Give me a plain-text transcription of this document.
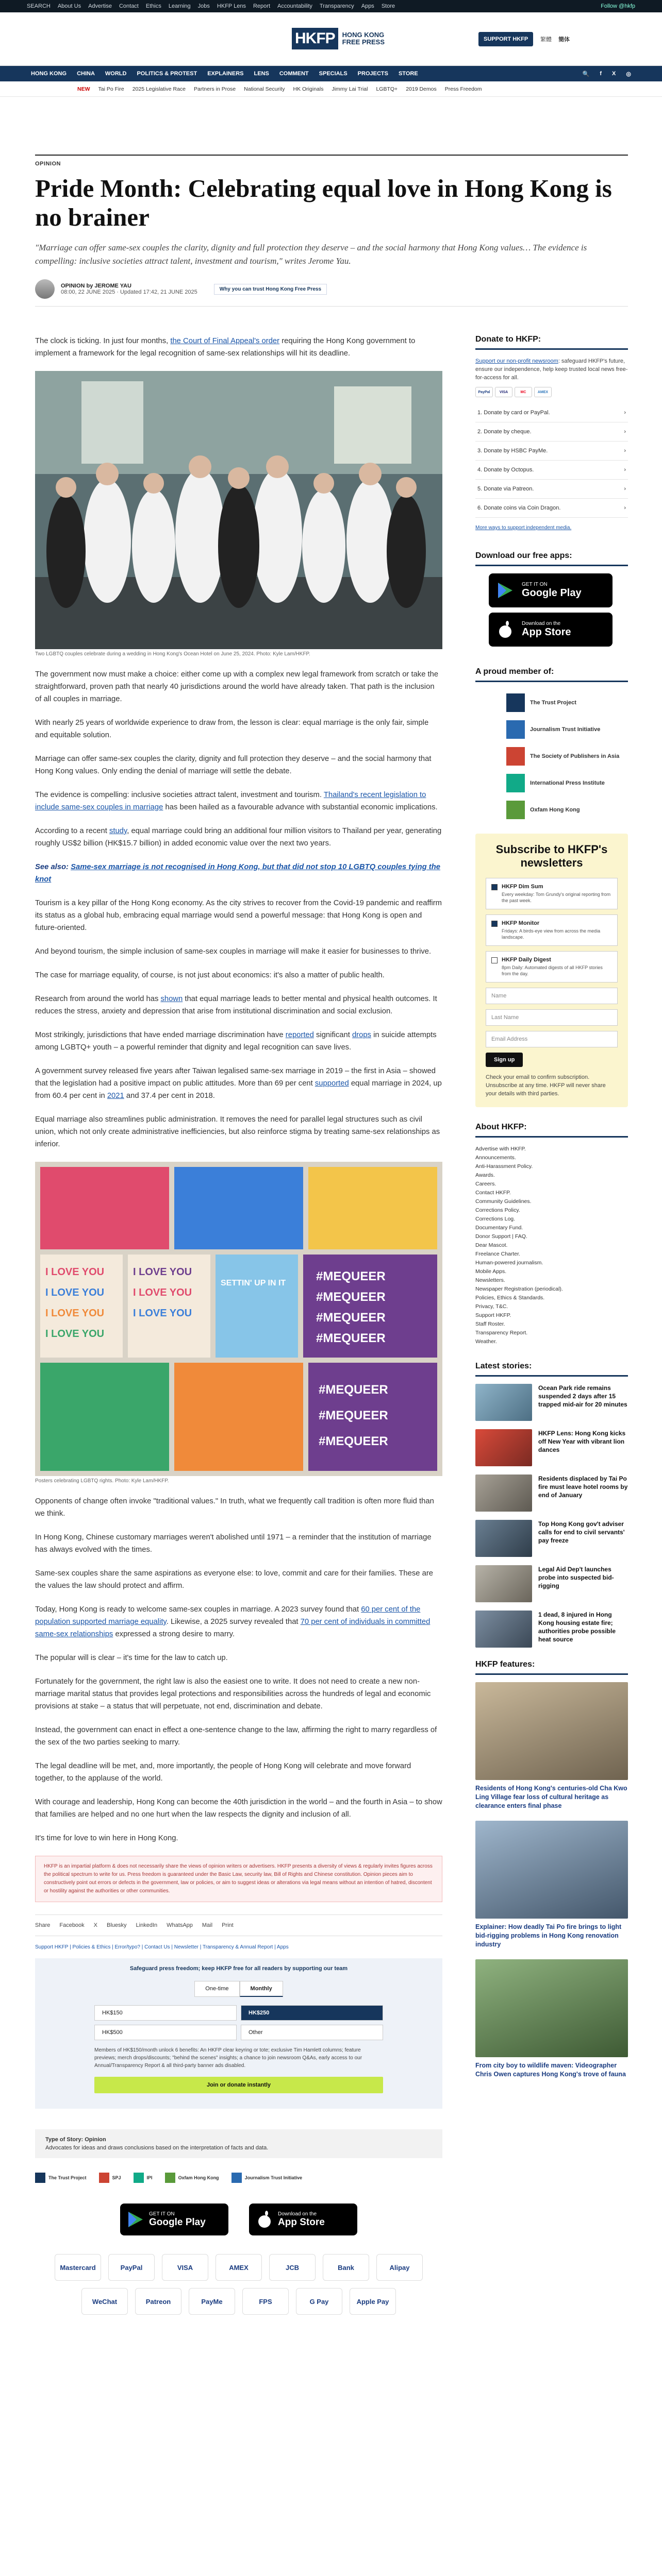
SEARCH About Us Advertise Contact Ethics Learning Jobs HKFP Lens Report Accountability Transparency Apps Store	Follow @hkfp
HKFP	HONG KONG
FREE PRESS	SUPPORT HKFP	繁體 簡体
HONG KONG CHINA WORLD POLITICS & PROTEST EXPLAINERS LENS COMMENT SPECIALS PROJECTS STORE	🔍 f X ◎
NEW Tai Po Fire 2025 Legislative Race Partners in Prose National Security HK Originals Jimmy Lai Trial LGBTQ+ 2019 Demos Press Freedom
OPINION
Pride Month: Celebrating equal love in Hong Kong is no brainer
"Marriage can offer same-sex couples the clarity, dignity and full protection they deserve – and the social harmony that Hong Kong values… The evidence is compelling: inclusive societies attract talent, investment and tourism," writes Jerome Yau.
OPINION by JEROME YAU
08:00, 22 JUNE 2025 · Updated 17:42, 21 JUNE 2025	Why you can trust Hong Kong Free Press

The clock is ticking. In just four months, the Court of Final Appeal's order requiring the Hong Kong government to implement a framework for the legal recognition of same-sex relationships will hit its deadline.

Two LGBTQ couples celebrate during a wedding in Hong Kong's Ocean Hotel on June 25, 2024. Photo: Kyle Lam/HKFP.

The government now must make a choice: either come up with a complex new legal framework from scratch or take the straightforward, proven path that nearly 40 jurisdictions around the world have already taken. That path is the inclusion of all couples in marriage.

With nearly 25 years of worldwide experience to draw from, the lesson is clear: equal marriage is the only fair, simple and equitable solution.

Marriage can offer same-sex couples the clarity, dignity and full protection they deserve – and the social harmony that Hong Kong values. Only ending the denial of marriage will settle the debate.

The evidence is compelling: inclusive societies attract talent, investment and tourism. Thailand's recent legislation to include same-sex couples in marriage has been hailed as a favourable advance with substantial economic implications.

According to a recent study, equal marriage could bring an additional four million visitors to Thailand per year, generating roughly US$2 billion (HK$15.7 billion) in added economic value over the next two years.

See also: Same-sex marriage is not recognised in Hong Kong, but that did not stop 10 LGBTQ couples tying the knot

Tourism is a key pillar of the Hong Kong economy. As the city strives to recover from the Covid-19 pandemic and reaffirm its status as a global hub, embracing equal marriage would send a powerful message: that Hong Kong is open and future-oriented.

And beyond tourism, the simple inclusion of same-sex couples in marriage will make it easier for businesses to thrive.

The case for marriage equality, of course, is not just about economics: it's also a matter of public health.

Research from around the world has shown that equal marriage leads to better mental and physical health outcomes. It reduces the stress, anxiety and depression that arise from institutional discrimination and social exclusion.

Most strikingly, jurisdictions that have ended marriage discrimination have reported significant drops in suicide attempts among LGBTQ+ youth – a powerful reminder that dignity and legal recognition can save lives.

A government survey released five years after Taiwan legalised same-sex marriage in 2019 – the first in Asia – showed that the legislation had a positive impact on public attitudes. More than 69 per cent supported equal marriage in 2024, up from 60.4 per cent in 2021 and 37.4 per cent in 2018.

Equal marriage also streamlines public administration. It removes the need for parallel legal structures such as civil union, which not only create administrative inefficiencies, but also reinforce stigma by treating same-sex relationships as inferior.

I LOVE YOU
I LOVE YOU
I LOVE YOU
I LOVE YOU
I LOVE YOU
I LOVE YOU
I LOVE YOU
SETTIN' UP IN IT #MEQUEER
#MEQUEER
#MEQUEER
#MEQUEER
#MEQUEER
#MEQUEER
#MEQUEER
Posters celebrating LGBTQ rights. Photo: Kyle Lam/HKFP.

Opponents of change often invoke "traditional values." In truth, what we frequently call tradition is often more fluid than we think.

In Hong Kong, Chinese customary marriages weren't abolished until 1971 – a reminder that the institution of marriage has always evolved with the times.

Same-sex couples share the same aspirations as everyone else: to love, commit and care for their families. These are the values the law should protect and affirm.

Today, Hong Kong is ready to welcome same-sex couples in marriage. A 2023 survey found that 60 per cent of the population supported marriage equality. Likewise, a 2025 survey revealed that 70 per cent of individuals in committed same-sex relationships expressed a strong desire to marry.

The popular will is clear – it's time for the law to catch up.

Fortunately for the government, the right law is also the easiest one to write. It does not need to create a new non-marriage marital status that provides legal protections and responsibilities across the hundreds of legal and economic provisions at stake – a status that will perpetuate, not end, discrimination and debate.

Instead, the government can enact in effect a one-sentence change to the law, affirming the right to marry regardless of the sex of the two parties seeking to marry.

The legal deadline will be met, and, more importantly, the people of Hong Kong will celebrate and move forward together, to the applause of the world.

With courage and leadership, Hong Kong can become the 40th jurisdiction in the world – and the fourth in Asia – to show that families are helped and no one hurt when the law respects the dignity and inclusion of all.

It's time for love to win here in Hong Kong.

HKFP is an impartial platform & does not necessarily share the views of opinion writers or advertisers. HKFP presents a diversity of views & regularly invites figures across the political spectrum to write for us. Press freedom is guaranteed under the Basic Law, security law, Bill of Rights and Chinese constitution. Opinion pieces aim to constructively point out errors or defects in the government, law or policies, or aim to suggest ideas or alterations via legal means without an intention of hatred, discontent or hostility against the authorities or other communities.
Share Facebook X Bluesky LinkedIn WhatsApp Mail Print
Support HKFP | Policies & Ethics | Error/typo? | Contact Us | Newsletter | Transparency & Annual Report | Apps
Safeguard press freedom; keep HKFP free for all readers by supporting our team
One-time	Monthly
HK$150	HK$250
HK$500	Other
Members of HK$150/month unlock 6 benefits: An HKFP clear keyring or tote; exclusive Tim Hamlett columns; feature previews; merch drops/discounts; "behind the scenes" insights; a chance to join newsroom Q&As, early access to our Annual/Transparency Report & all third-party banner ads disabled.
Join or donate instantly
Type of Story: Opinion
Advocates for ideas and draws conclusions based on the interpretation of facts and data.
The Trust Project	SPJ	IPI	Oxfam Hong Kong	Journalism Trust Initiative
GET IT ON
Google Play
Download on the
App Store
Mastercard	PayPal	VISA	AMEX	JCB	Bank	Alipay
WeChat	Patreon	PayMe	FPS	G Pay	Apple Pay
Donate to HKFP:
Support our non-profit newsroom: safeguard HKFP's future, ensure our independence, help keep trusted local news free-for-access for all.
PayPal	VISA	MC	AMEX
1. Donate by card or PayPal.	›
2. Donate by cheque.	›
3. Donate by HSBC PayMe.	›
4. Donate by Octopus.	›
5. Donate via Patreon.	›
6. Donate coins via Coin Dragon.	›
More ways to support independent media.
Download our free apps:
GET IT ON
Google Play
Download on the
App Store
A proud member of:
The Trust Project
Journalism Trust Initiative
The Society of Publishers in Asia
International Press Institute
Oxfam Hong Kong
Subscribe to HKFP's newsletters
HKFP Dim Sum
Every weekday: Tom Grundy's original reporting from the past week.
HKFP Monitor
Fridays: A birds-eye view from across the media landscape.
HKFP Daily Digest
8pm Daily: Automated digests of all HKFP stories from the day.
Name
Last Name
Email Address
Sign up
Check your email to confirm subscription. Unsubscribe at any time. HKFP will never share your details with third parties.
About HKFP:
Advertise with HKFP.
Announcements.
Anti-Harassment Policy.
Awards.
Careers.
Contact HKFP.
Community Guidelines.
Corrections Policy.
Corrections Log.
Documentary Fund.
Donor Support | FAQ.
Dear Mascot.
Freelance Charter.
Human-powered journalism.
Mobile Apps.
Newsletters.
Newspaper Registration (periodical).
Policies, Ethics & Standards.
Privacy, T&C.
Support HKFP.
Staff Roster.
Transparency Report.
Weather.
Latest stories:
Ocean Park ride remains suspended 2 days after 15 trapped mid-air for 20 minutes
HKFP Lens: Hong Kong kicks off New Year with vibrant lion dances
Residents displaced by Tai Po fire must leave hotel rooms by end of January
Top Hong Kong gov't adviser calls for end to civil servants' pay freeze
Legal Aid Dep't launches probe into suspected bid-rigging
1 dead, 8 injured in Hong Kong housing estate fire; authorities probe possible heat source
HKFP features:
Residents of Hong Kong's centuries-old Cha Kwo Ling Village fear loss of cultural heritage as clearance enters final phase
Explainer: How deadly Tai Po fire brings to light bid-rigging problems in Hong Kong renovation industry
From city boy to wildlife maven: Videographer Chris Owen captures Hong Kong's trove of fauna
